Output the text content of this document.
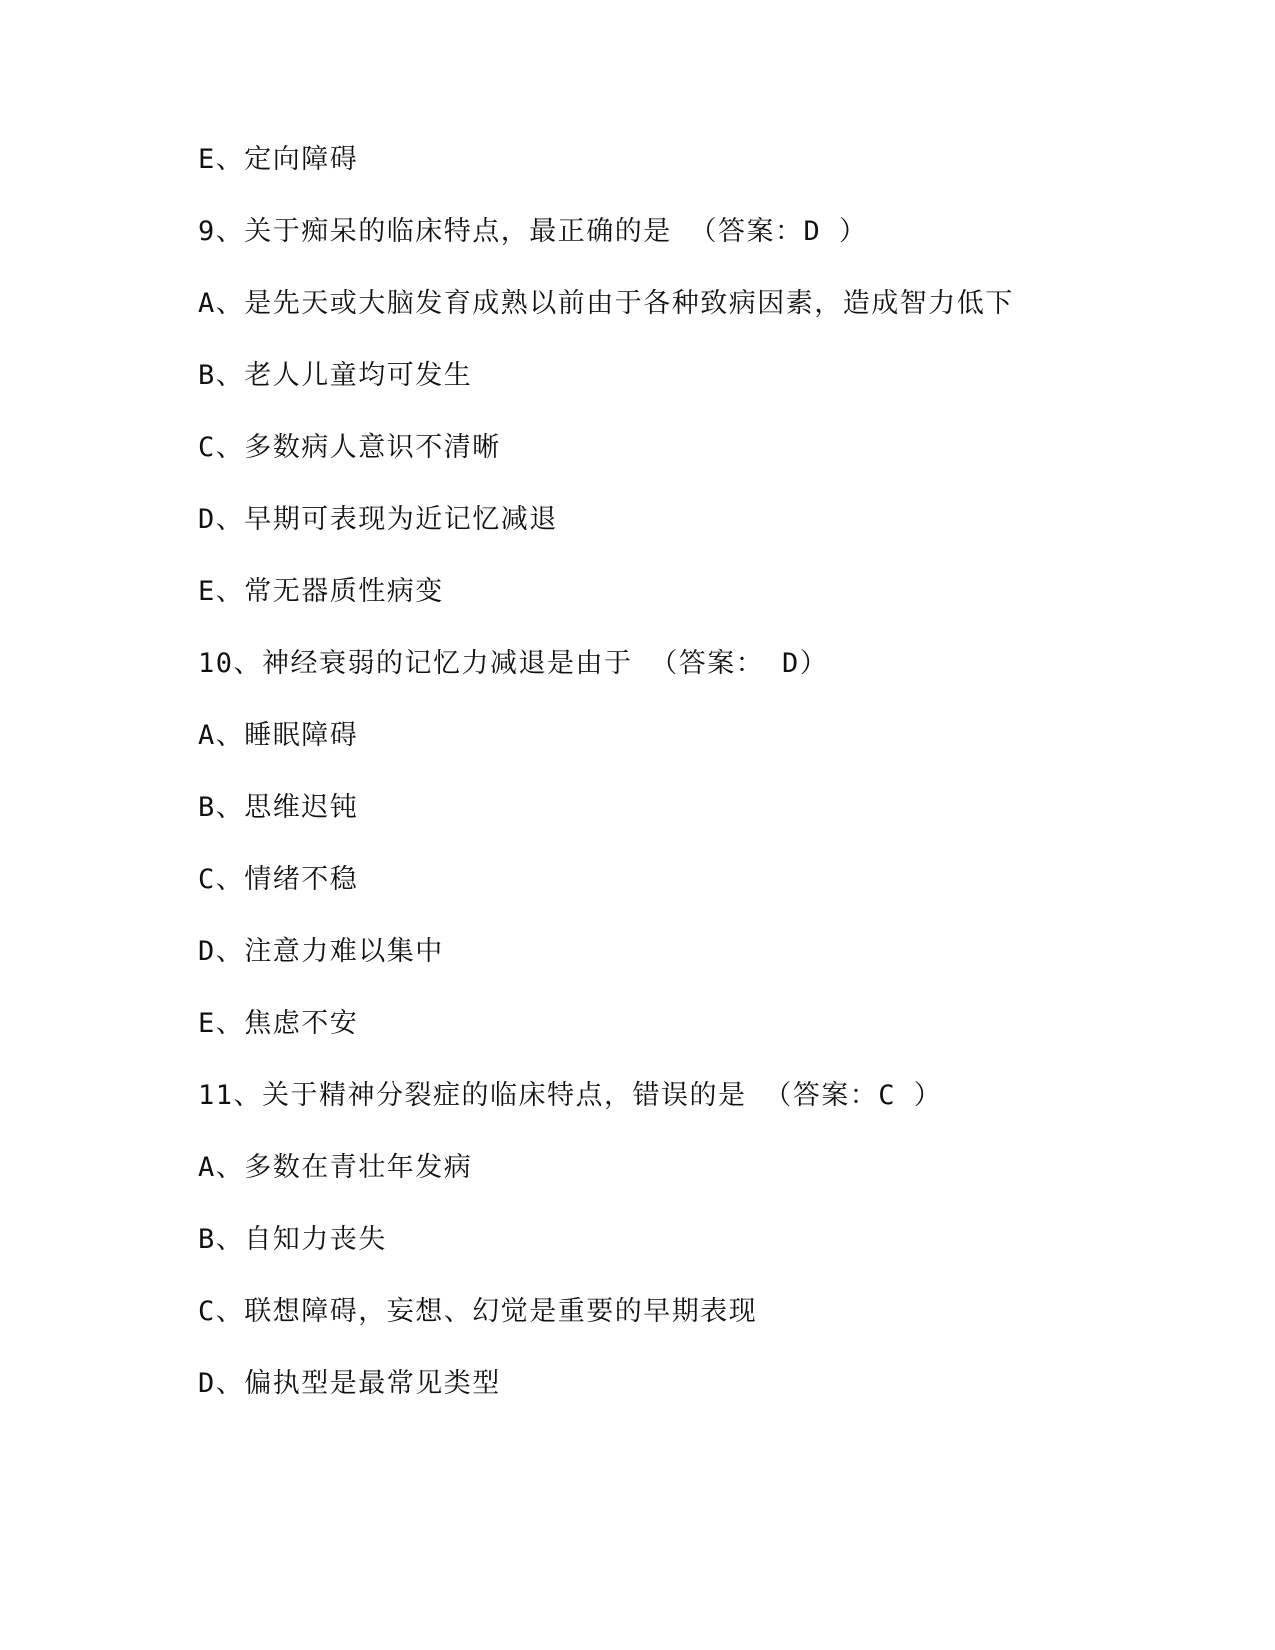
E、定向障碍
9、关于痴呆的临床特点，最正确的是 （答案：D ）
A、是先天或大脑发育成熟以前由于各种致病因素，造成智力低下
B、老人儿童均可发生
C、多数病人意识不清晰
D、早期可表现为近记忆减退
E、常无器质性病变
10、神经衰弱的记忆力减退是由于 （答案： D）
A、睡眠障碍
B、思维迟钝
C、情绪不稳
D、注意力难以集中
E、焦虑不安
11、关于精神分裂症的临床特点，错误的是 （答案：C ）
A、多数在青壮年发病
B、自知力丧失
C、联想障碍，妄想、幻觉是重要的早期表现
D、偏执型是最常见类型
